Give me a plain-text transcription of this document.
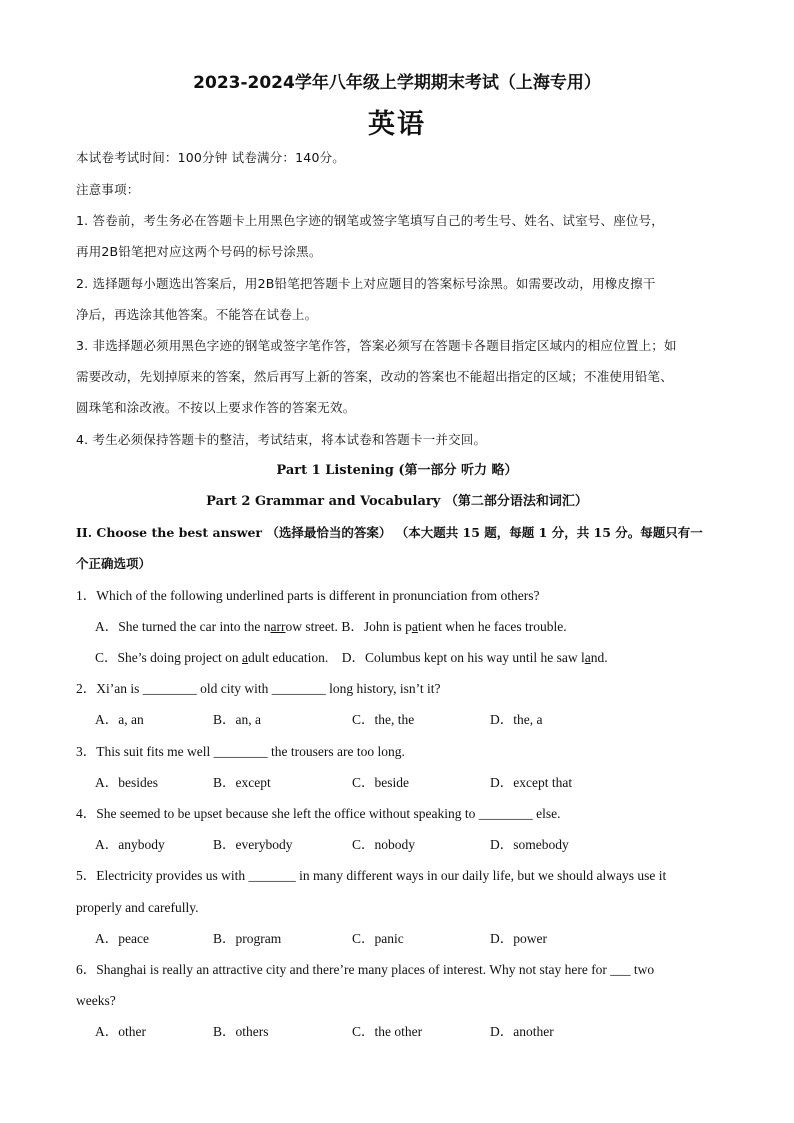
2023-2024学年八年级上学期期末考试（上海专用）
英语
本试卷考试时间：100分钟 试卷满分：140分。
注意事项：
1. 答卷前，考生务必在答题卡上用黑色字迹的钢笔或签字笔填写自己的考生号、姓名、试室号、座位号，
再用2B铅笔把对应这两个号码的标号涂黑。
2. 选择题每小题选出答案后，用2B铅笔把答题卡上对应题目的答案标号涂黑。如需要改动，用橡皮擦干
净后，再选涂其他答案。不能答在试卷上。
3. 非选择题必须用黑色字迹的钢笔或签字笔作答，答案必须写在答题卡各题目指定区域内的相应位置上；如
需要改动，先划掉原来的答案，然后再写上新的答案，改动的答案也不能超出指定的区域；不准使用铅笔、
圆珠笔和涂改液。不按以上要求作答的答案无效。
4. 考生必须保持答题卡的整洁，考试结束，将本试卷和答题卡一并交回。
Part 1 Listening (第一部分 听力 略）
Part 2 Grammar and Vocabulary （第二部分语法和词汇）
II. Choose the best answer （选择最恰当的答案） （本大题共 15 题，每题 1 分，共 15 分。每题只有一
个正确选项）
1．Which of the following underlined parts is different in pronunciation from others?
A．She turned the car into the narrow street. B．John is patient when he faces trouble.
C．She’s doing project on adult education. D．Columbus kept on his way until he saw land.
2．Xi’an is ________ old city with ________ long history, isn’t it?
A．a, an	B．an, a	C．the, the	D．the, a
3．This suit fits me well ________ the trousers are too long.
A．besides	B．except	C．beside	D．except that
4．She seemed to be upset because she left the office without speaking to ________ else.
A．anybody	B．everybody	C．nobody	D．somebody
5．Electricity provides us with _______ in many different ways in our daily life, but we should always use it
properly and carefully.
A．peace	B．program	C．panic	D．power
6．Shanghai is really an attractive city and there’re many places of interest. Why not stay here for ___ two
weeks?
A．other	B．others	C．the other	D．another
